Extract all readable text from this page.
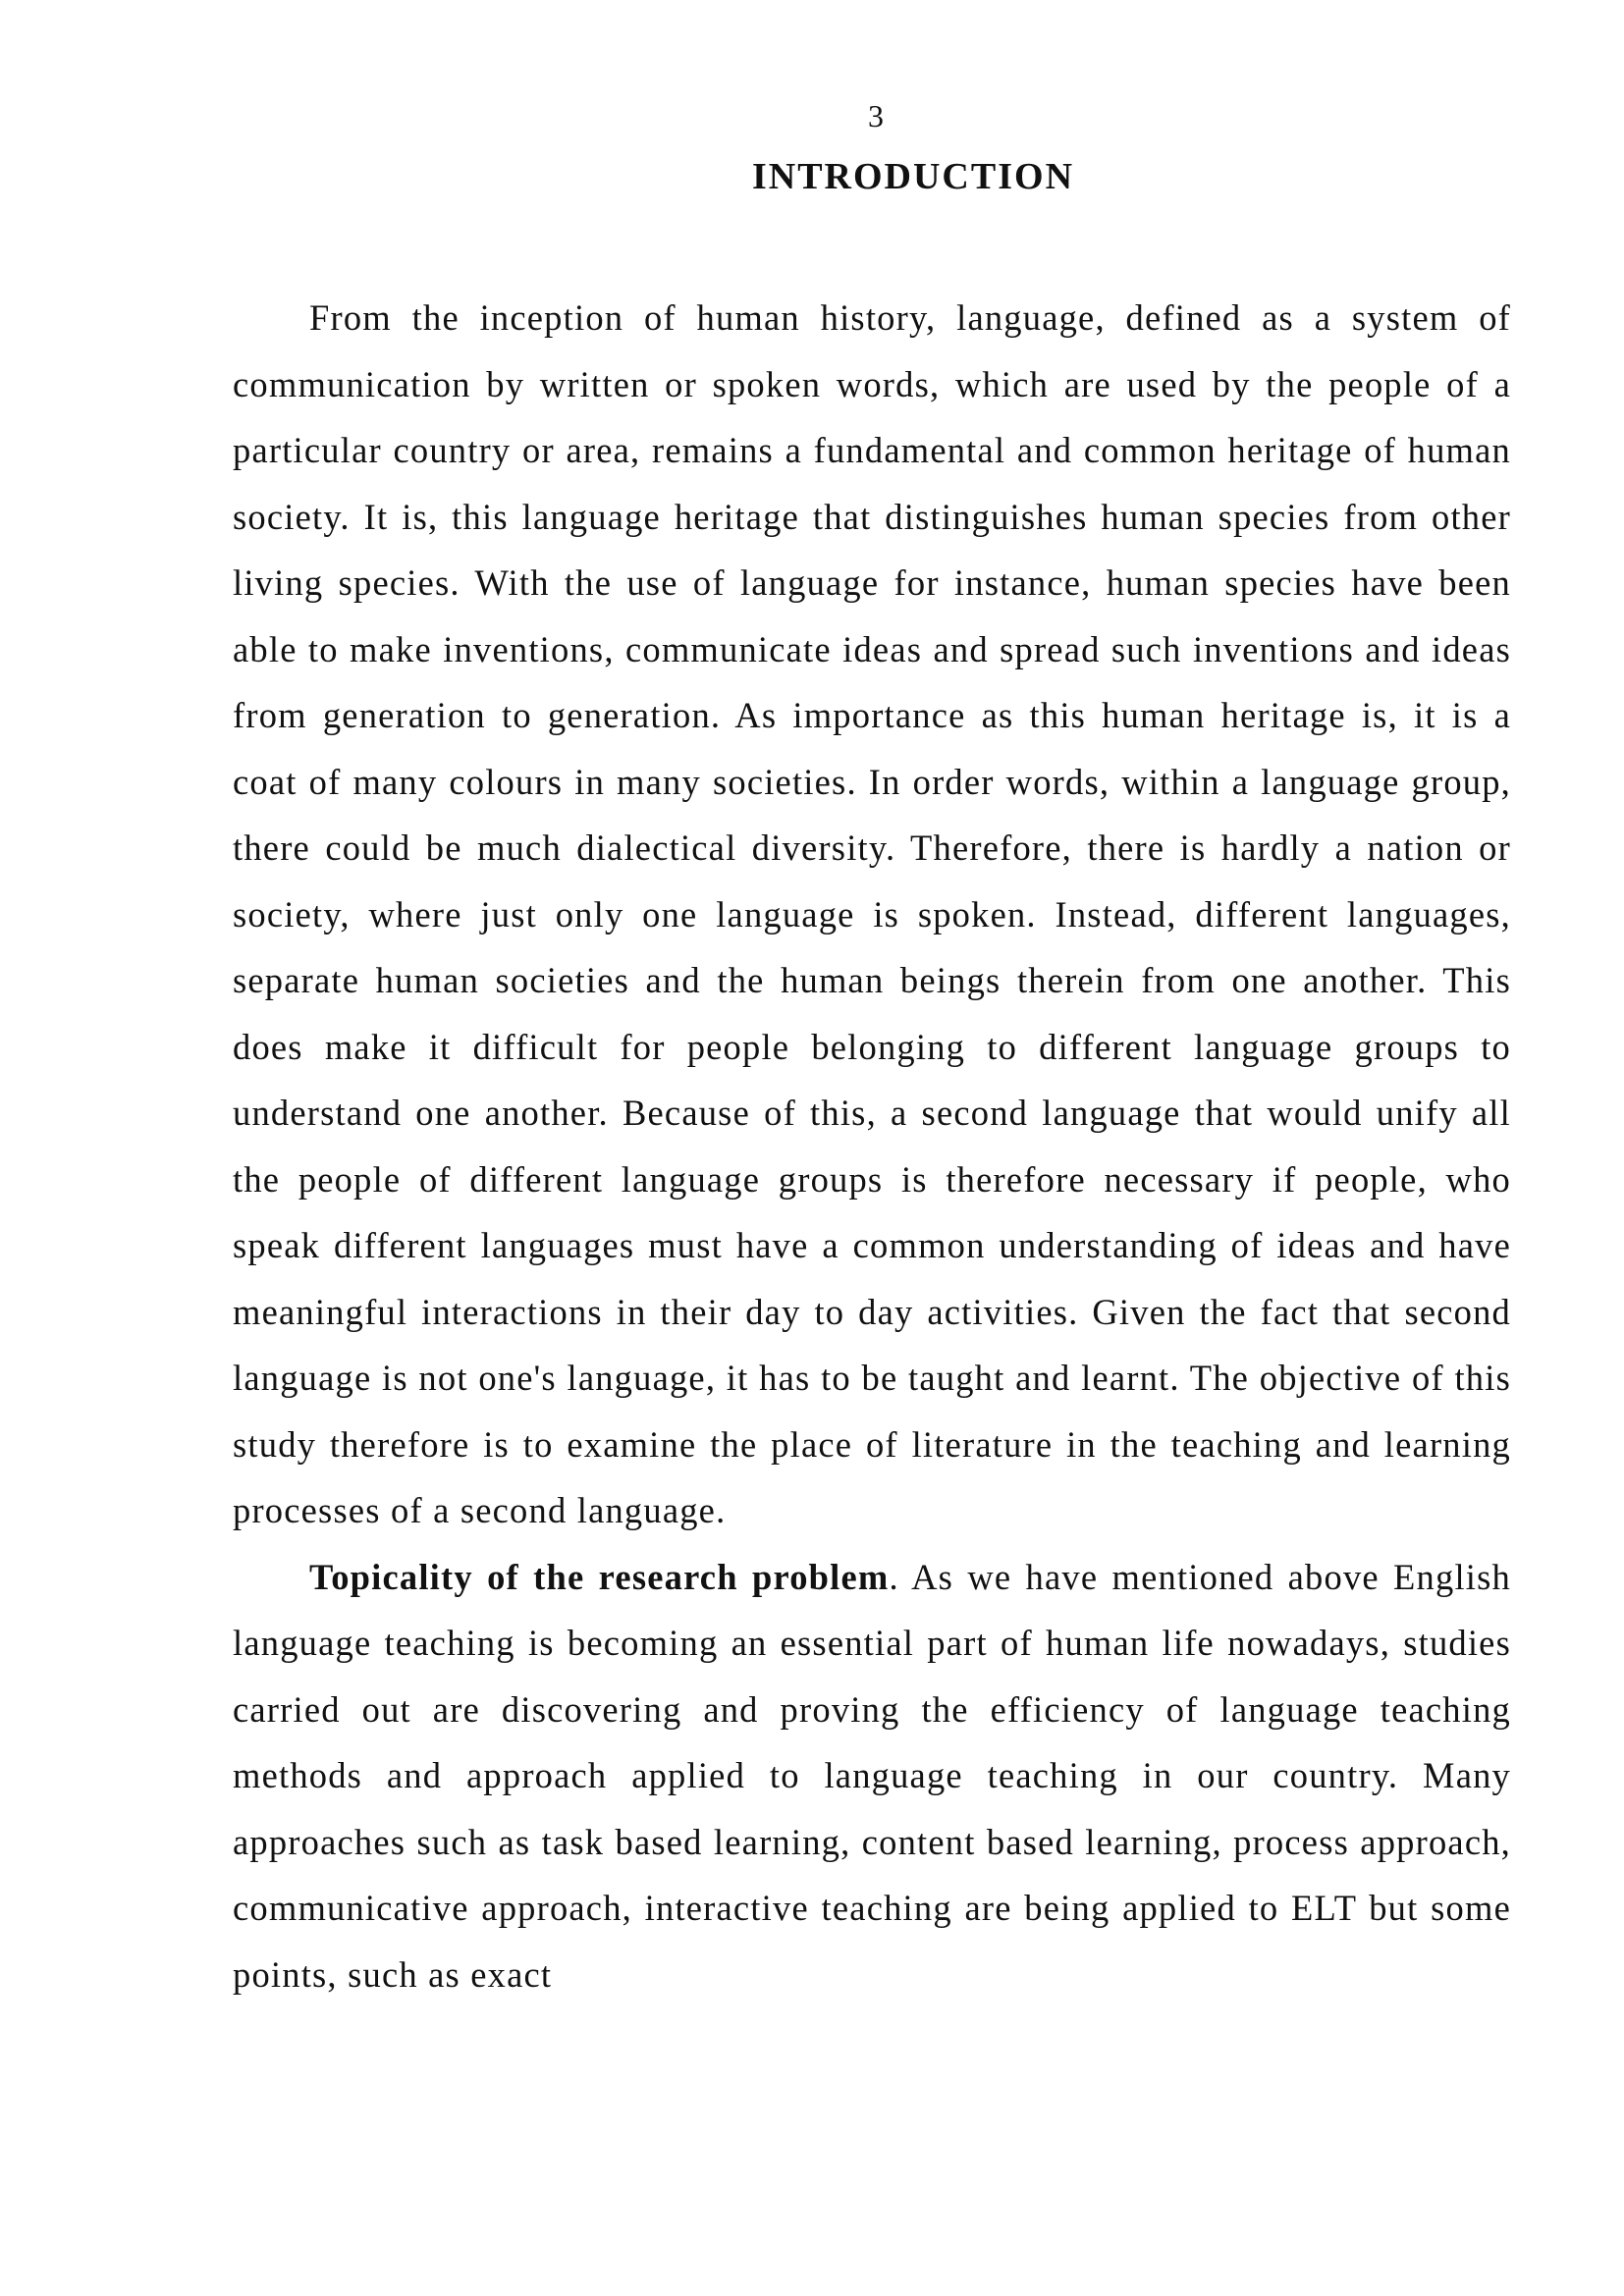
3
INTRODUCTION

From the inception of human history, language, defined as a system of communication by written or spoken words, which are used by the people of a particular country or area, remains a fundamental and common heritage of human society. It is, this language heritage that distinguishes human species from other living species. With the use of language for instance, human species have been able to make inventions, communicate ideas and spread such inventions and ideas from generation to generation. As importance as this human heritage is, it is a coat of many colours in many societies. In order words, within a language group, there could be much dialectical diversity. Therefore, there is hardly a nation or society, where just only one language is spoken. Instead, different languages, separate human societies and the human beings therein from one another. This does make it difficult for people belonging to different language groups to understand one another. Because of this, a second language that would unify all the people of different language groups is therefore necessary if people, who speak different languages must have a common understanding of ideas and have meaningful interactions in their day to day activities. Given the fact that second language is not one's language, it has to be taught and learnt. The objective of this study therefore is to examine the place of literature in the teaching and learning processes of a second language.

Topicality of the research problem. As we have mentioned above English language teaching is becoming an essential part of human life nowadays, studies carried out are discovering and proving the efficiency of language teaching methods and approach applied to language teaching in our country. Many approaches such as task based learning, content based learning, process approach, communicative approach, interactive teaching are being applied to ELT but some points, such as exact
